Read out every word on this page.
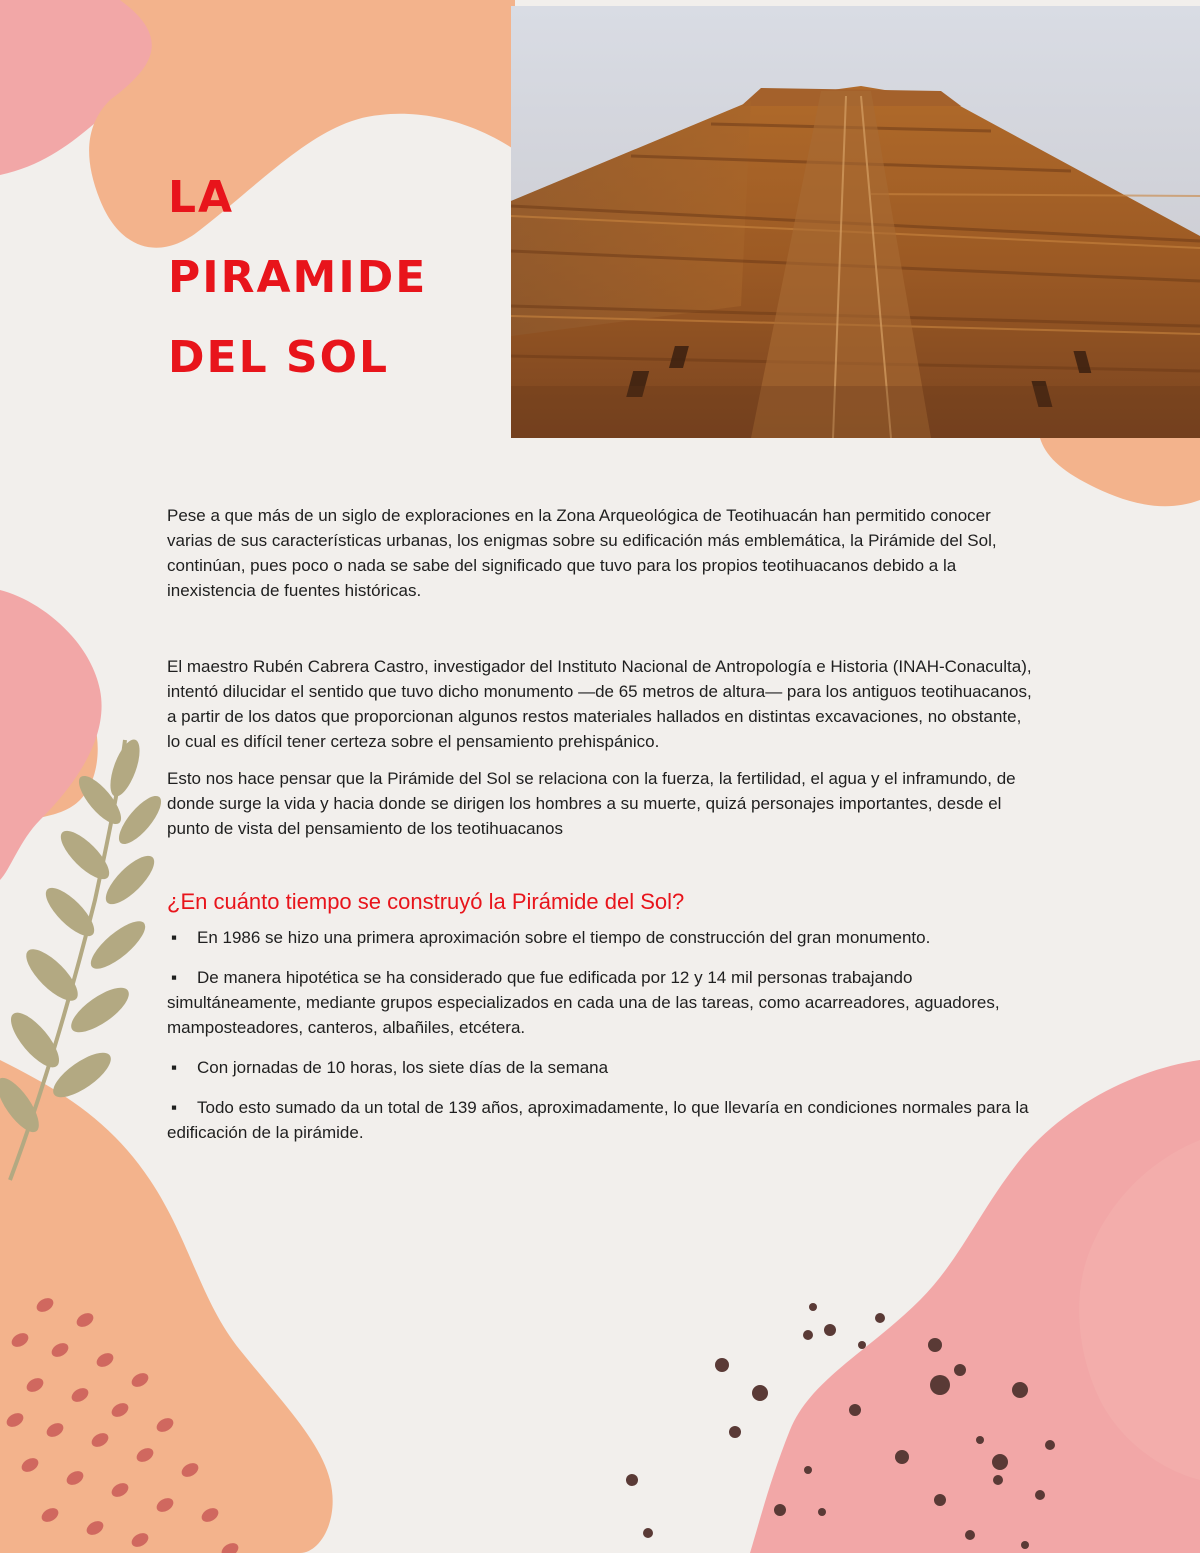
LA
PIRAMIDE
DEL SOL

Pese a que más de un siglo de exploraciones en la Zona Arqueológica de Teotihuacán han permitido conocer varias de sus características urbanas, los enigmas sobre su edificación más emblemática, la Pirámide del Sol, continúan, pues poco o nada se sabe del significado que tuvo para los propios teotihuacanos debido a la inexistencia de fuentes históricas.

El maestro Rubén Cabrera Castro, investigador del Instituto Nacional de Antropología e Historia (INAH-Conaculta), intentó dilucidar el sentido que tuvo dicho monumento —de 65 metros de altura— para los antiguos teotihuacanos, a partir de los datos que proporcionan algunos restos materiales hallados en distintas excavaciones, no obstante, lo cual es difícil tener certeza sobre el pensamiento prehispánico.

Esto nos hace pensar que la Pirámide del Sol se relaciona con la fuerza, la fertilidad, el agua y el inframundo, de donde surge la vida y hacia donde se dirigen los hombres a su muerte, quizá personajes importantes, desde el punto de vista del pensamiento de los teotihuacanos

¿En cuánto tiempo se construyó la Pirámide del Sol?
▪ En 1986 se hizo una primera aproximación sobre el tiempo de construcción del gran monumento.
▪ De manera hipotética se ha considerado que fue edificada por 12 y 14 mil personas trabajando simultáneamente, mediante grupos especializados en cada una de las tareas, como acarreadores, aguadores, mamposteadores, canteros, albañiles, etcétera.
▪ Con jornadas de 10 horas, los siete días de la semana
▪ Todo esto sumado da un total de 139 años, aproximadamente, lo que llevaría en condiciones normales para la edificación de la pirámide.
